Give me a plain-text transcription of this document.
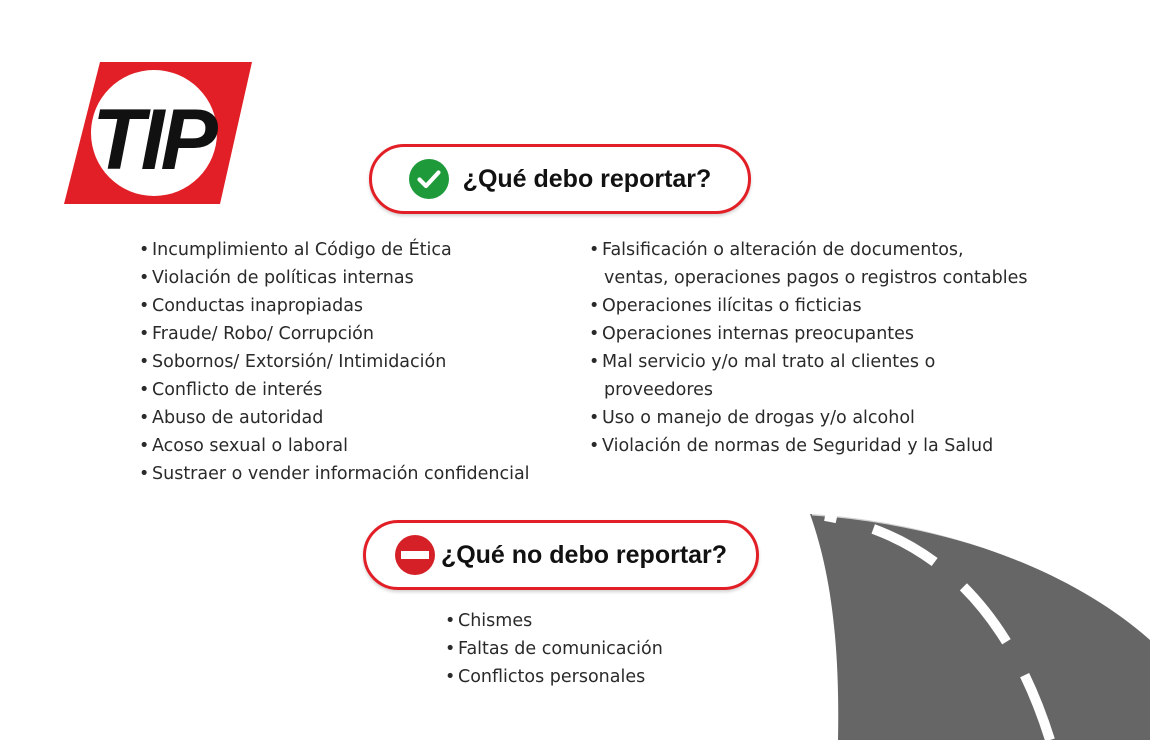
TIP	¿Qué debo reportar?
• Incumplimiento al Código de Ética
• Violación de políticas internas
• Conductas inapropiadas
• Fraude/ Robo/ Corrupción
• Sobornos/ Extorsión/ Intimidación
• Conflicto de interés
• Abuso de autoridad
• Acoso sexual o laboral
• Sustraer o vender información confidencial
• Falsificación o alteración de documentos,
ventas, operaciones pagos o registros contables
• Operaciones ilícitas o ficticias
• Operaciones internas preocupantes
• Mal servicio y/o mal trato al clientes o
proveedores
• Uso o manejo de drogas y/o alcohol
• Violación de normas de Seguridad y la Salud
¿Qué no debo reportar?
• Chismes
• Faltas de comunicación
• Conflictos personales
